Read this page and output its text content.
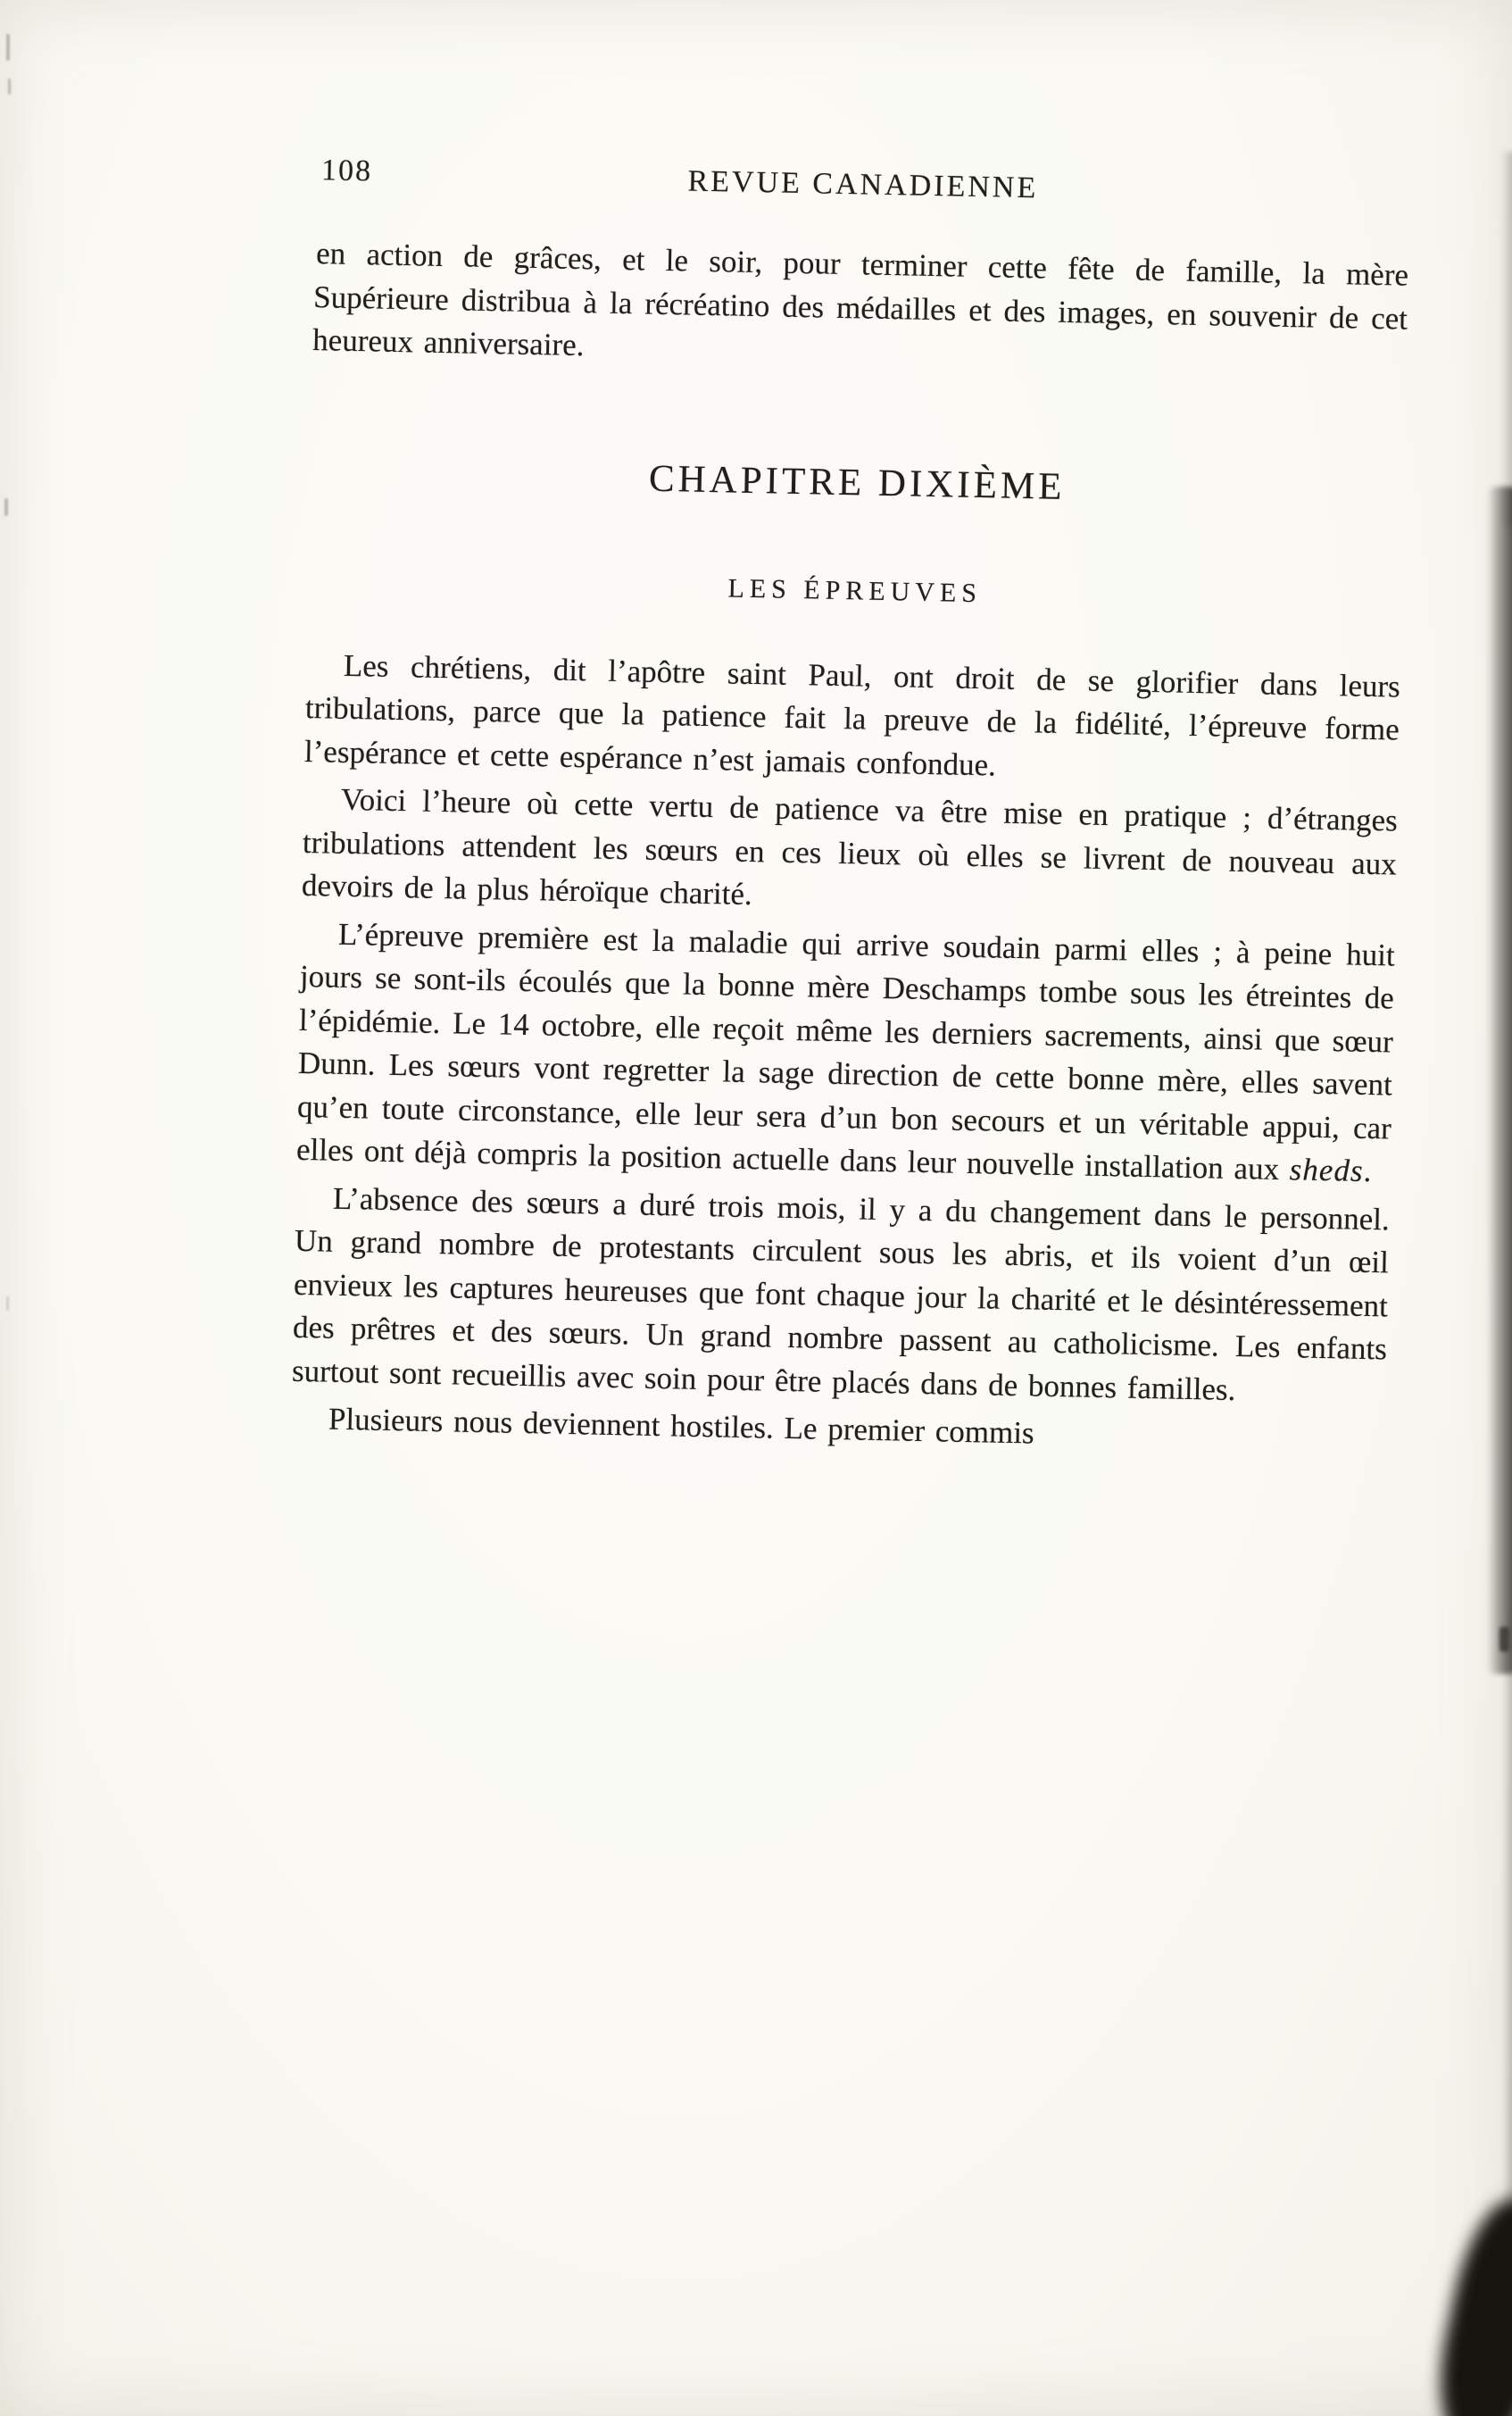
108	REVUE CANADIENNE

en action de grâces, et le soir, pour terminer cette fête de famille, la mère Supérieure distribua à la récréatino des médailles et des images, en souvenir de cet heureux anniversaire.

CHAPITRE DIXIÈME
LES ÉPREUVES

Les chrétiens, dit l’apôtre saint Paul, ont droit de se glorifier dans leurs tribulations, parce que la patience fait la preuve de la fidélité, l’épreuve forme l’espérance et cette espérance n’est jamais confondue.

Voici l’heure où cette vertu de patience va être mise en pratique ; d’étranges tribulations attendent les sœurs en ces lieux où elles se livrent de nouveau aux devoirs de la plus héroïque charité.

L’épreuve première est la maladie qui arrive soudain parmi elles ; à peine huit jours se sont-ils écoulés que la bonne mère Deschamps tombe sous les étreintes de l’épidémie. Le 14 octobre, elle reçoit même les derniers sacrements, ainsi que sœur Dunn. Les sœurs vont regretter la sage direction de cette bonne mère, elles savent qu’en toute circonstance, elle leur sera d’un bon secours et un véritable appui, car elles ont déjà compris la position actuelle dans leur nouvelle installation aux sheds.

L’absence des sœurs a duré trois mois, il y a du changement dans le personnel. Un grand nombre de protestants circulent sous les abris, et ils voient d’un œil envieux les captures heureuses que font chaque jour la charité et le désintéressement des prêtres et des sœurs. Un grand nombre passent au catholicisme. Les enfants surtout sont recueillis avec soin pour être placés dans de bonnes familles.

Plusieurs nous deviennent hostiles. Le premier commis
